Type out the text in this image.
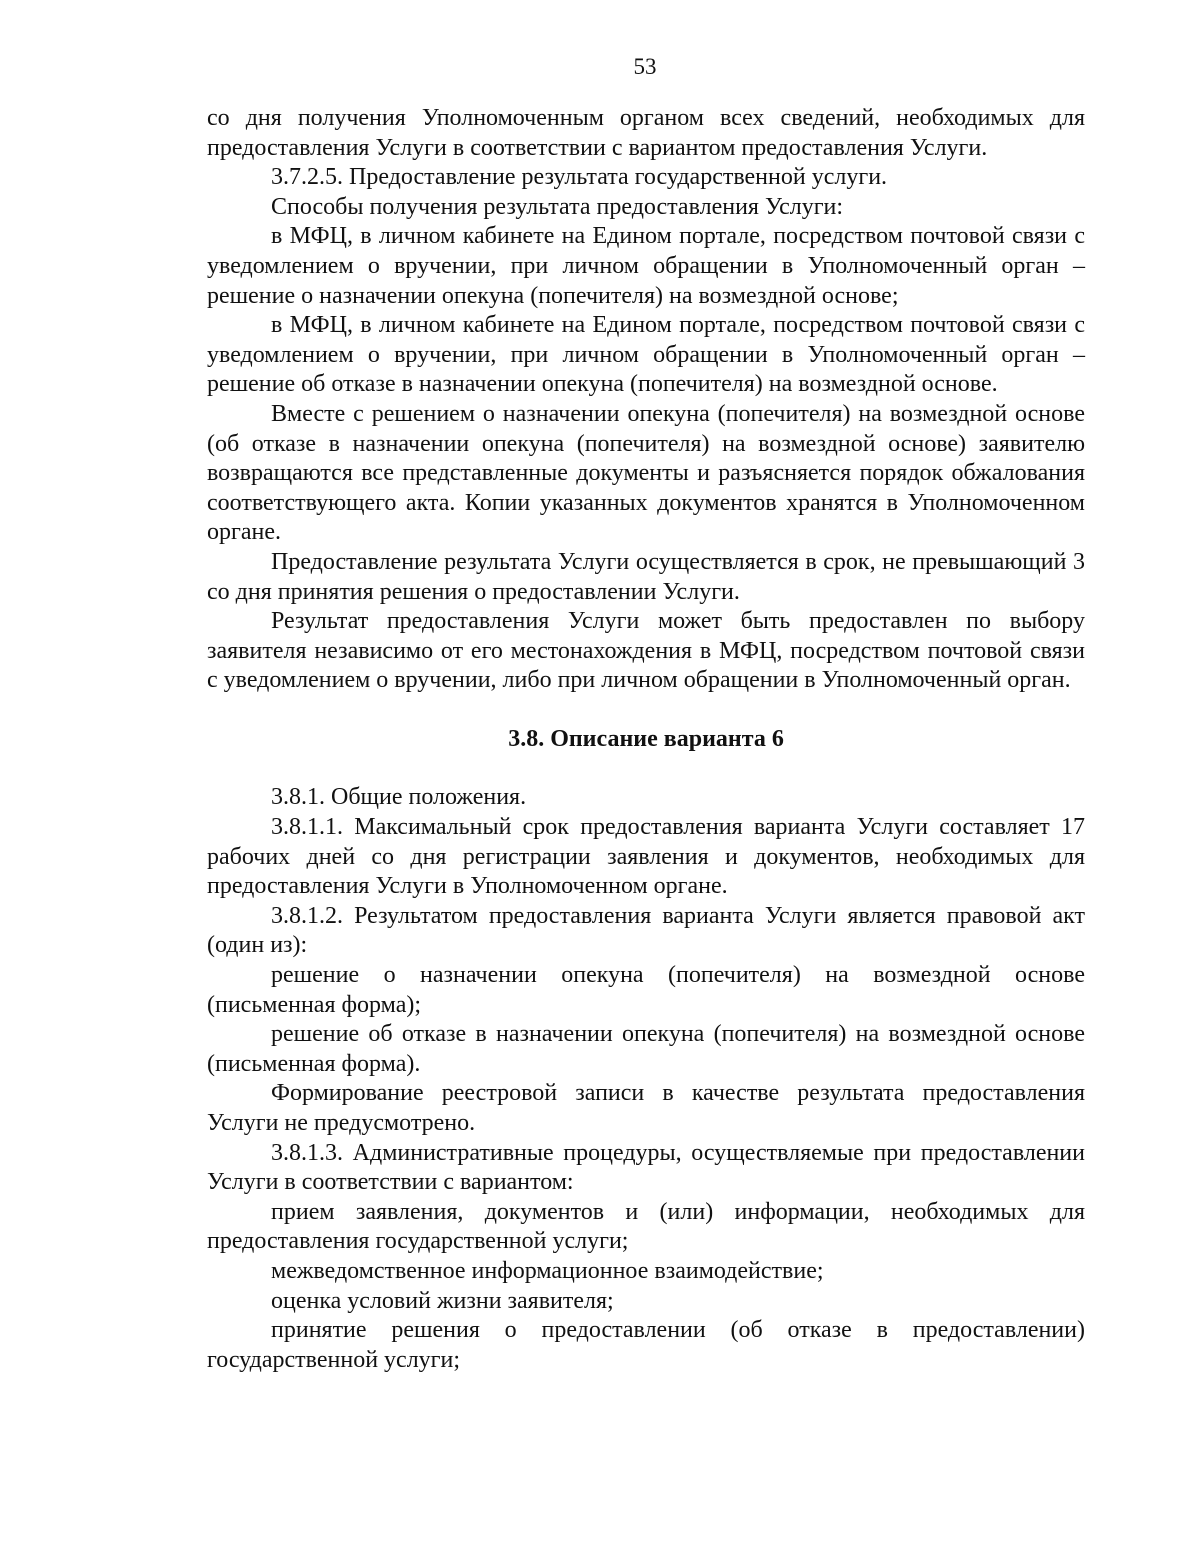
53

со дня получения Уполномоченным органом всех сведений, необходимых для предоставления Услуги в соответствии с вариантом предоставления Услуги.

3.7.2.5. Предоставление результата государственной услуги.

Способы получения результата предоставления Услуги:

в МФЦ, в личном кабинете на Едином портале, посредством почтовой связи с уведомлением о вручении, при личном обращении в Уполномоченный орган – решение о назначении опекуна (попечителя) на возмездной основе;

в МФЦ, в личном кабинете на Едином портале, посредством почтовой связи с уведомлением о вручении, при личном обращении в Уполномоченный орган – решение об отказе в назначении опекуна (попечителя) на возмездной основе.

Вместе с решением о назначении опекуна (попечителя) на возмездной основе (об отказе в назначении опекуна (попечителя) на возмездной основе) заявителю возвращаются все представленные документы и разъясняется порядок обжалования соответствующего акта. Копии указанных документов хранятся в Уполномоченном органе.

Предоставление результата Услуги осуществляется в срок, не превышающий 3 со дня принятия решения о предоставлении Услуги.

Результат предоставления Услуги может быть предоставлен по выбору заявителя независимо от его местонахождения в МФЦ, посредством почтовой связи с уведомлением о вручении, либо при личном обращении в Уполномоченный орган.

3.8. Описание варианта 6

3.8.1. Общие положения.

3.8.1.1. Максимальный срок предоставления варианта Услуги составляет 17 рабочих дней со дня регистрации заявления и документов, необходимых для предоставления Услуги в Уполномоченном органе.

3.8.1.2. Результатом предоставления варианта Услуги является правовой акт (один из):

решение о назначении опекуна (попечителя) на возмездной основе (письменная форма);

решение об отказе в назначении опекуна (попечителя) на возмездной основе (письменная форма).

Формирование реестровой записи в качестве результата предоставления Услуги не предусмотрено.

3.8.1.3. Административные процедуры, осуществляемые при предоставлении Услуги в соответствии с вариантом:

прием заявления, документов и (или) информации, необходимых для предоставления государственной услуги;

межведомственное информационное взаимодействие;

оценка условий жизни заявителя;

принятие решения о предоставлении (об отказе в предоставлении) государственной услуги;
